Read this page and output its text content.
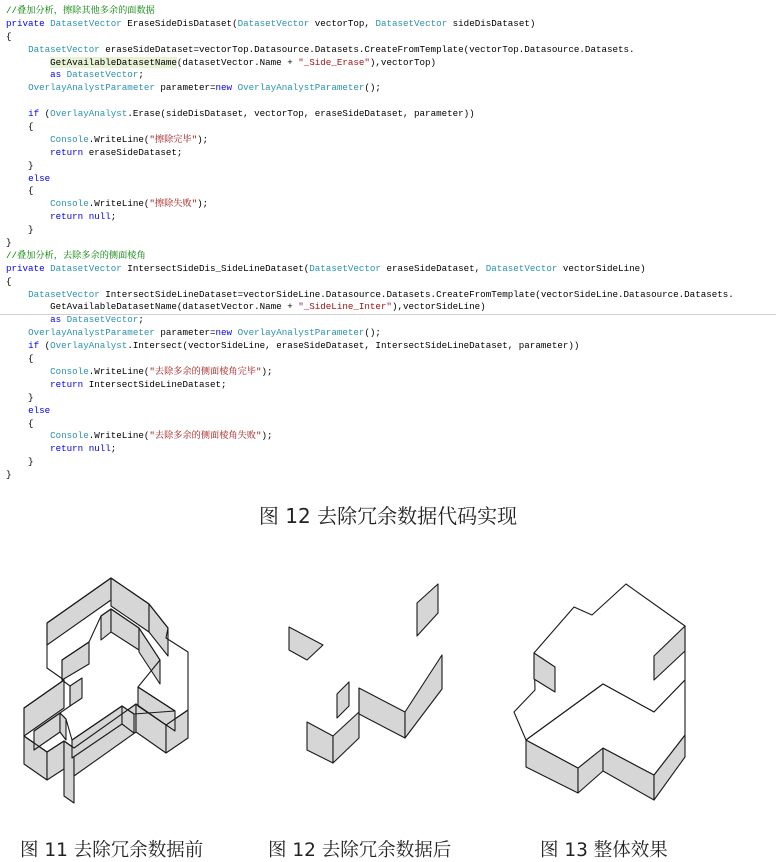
//叠加分析，擦除其他多余的面数据
private DatasetVector EraseSideDisDataset(DatasetVector vectorTop, DatasetVector sideDisDataset)
{
DatasetVector eraseSideDataset=vectorTop.Datasource.Datasets.CreateFromTemplate(vectorTop.Datasource.Datasets.
GetAvailableDatasetName(datasetVector.Name + "_Side_Erase"),vectorTop)
as DatasetVector;
OverlayAnalystParameter parameter=new OverlayAnalystParameter();
if (OverlayAnalyst.Erase(sideDisDataset, vectorTop, eraseSideDataset, parameter))
{
Console.WriteLine("擦除完毕");
return eraseSideDataset;
}
else
{
Console.WriteLine("擦除失败");
return null;
}
}
//叠加分析，去除多余的侧面棱角
private DatasetVector IntersectSideDis_SideLineDataset(DatasetVector eraseSideDataset, DatasetVector vectorSideLine)
{
DatasetVector IntersectSideLineDataset=vectorSideLine.Datasource.Datasets.CreateFromTemplate(vectorSideLine.Datasource.Datasets.
GetAvailableDatasetName(datasetVector.Name + "_SideLine_Inter"),vectorSideLine)
as DatasetVector;
OverlayAnalystParameter parameter=new OverlayAnalystParameter();
if (OverlayAnalyst.Intersect(vectorSideLine, eraseSideDataset, IntersectSideLineDataset, parameter))
{
Console.WriteLine("去除多余的侧面棱角完毕");
return IntersectSideLineDataset;
}
else
{
Console.WriteLine("去除多余的侧面棱角失败");
return null;
}
}
图 12 去除冗余数据代码实现
图 11 去除冗余数据前	图 12 去除冗余数据后	图 13 整体效果
